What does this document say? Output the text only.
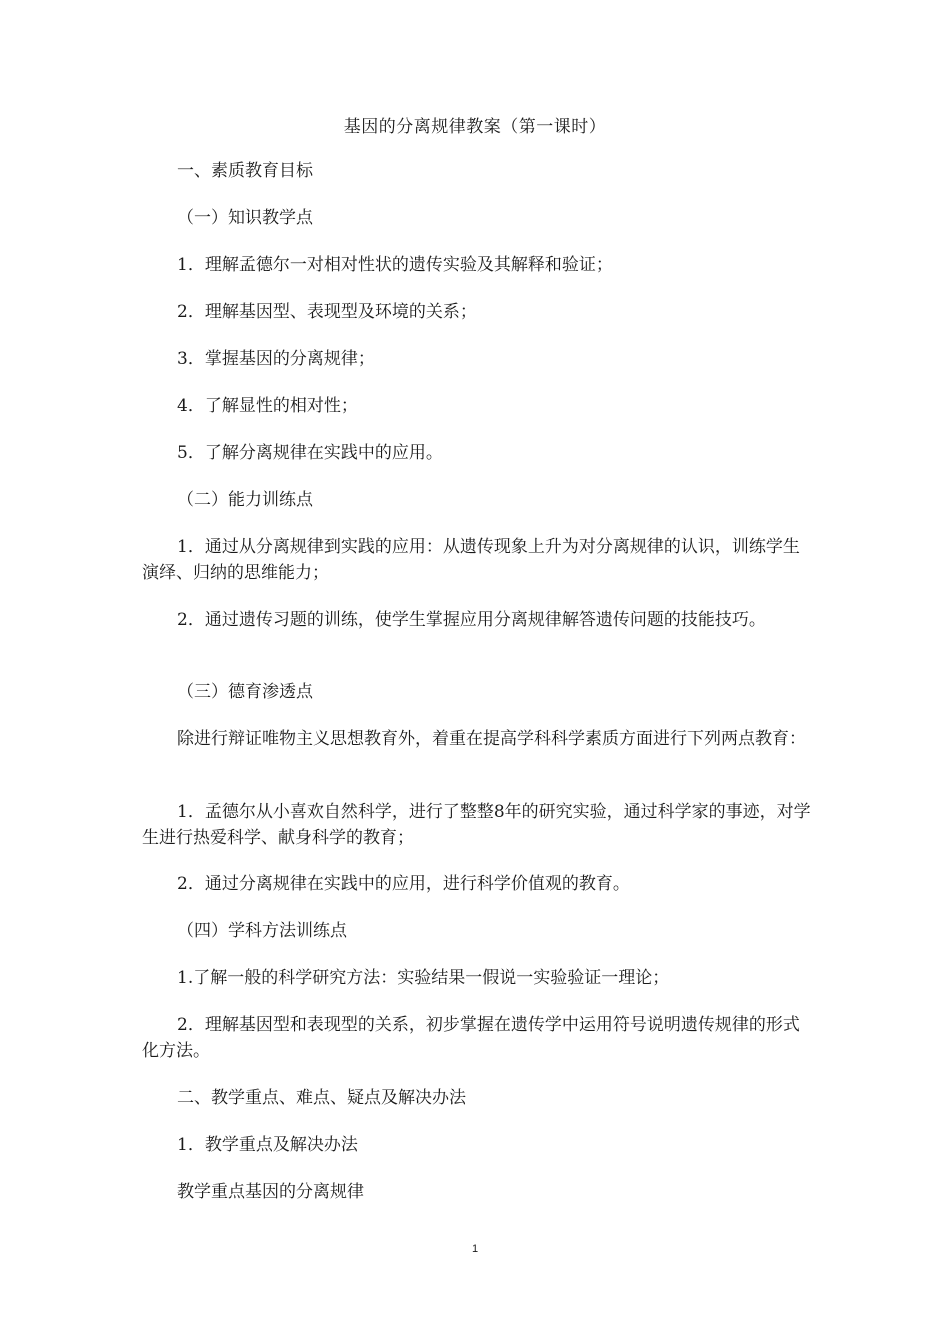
基因的分离规律教案（第一课时）
一、素质教育目标
（一）知识教学点
1．理解孟德尔一对相对性状的遗传实验及其解释和验证；
2．理解基因型、表现型及环境的关系；
3．掌握基因的分离规律；
4．了解显性的相对性；
5．了解分离规律在实践中的应用。
（二）能力训练点
1．通过从分离规律到实践的应用：从遗传现象上升为对分离规律的认识，训练学生演绎、归纳的思维能力；
2．通过遗传习题的训练，使学生掌握应用分离规律解答遗传问题的技能技巧。
（三）德育渗透点
除进行辩证唯物主义思想教育外，着重在提高学科科学素质方面进行下列两点教育：
1．孟德尔从小喜欢自然科学，进行了整整8年的研究实验，通过科学家的事迹，对学生进行热爱科学、献身科学的教育；
2．通过分离规律在实践中的应用，进行科学价值观的教育。
（四）学科方法训练点
1.了解一般的科学研究方法：实验结果一假说一实验验证一理论；
2．理解基因型和表现型的关系，初步掌握在遗传学中运用符号说明遗传规律的形式化方法。
二、教学重点、难点、疑点及解决办法
1．教学重点及解决办法
教学重点基因的分离规律
1
